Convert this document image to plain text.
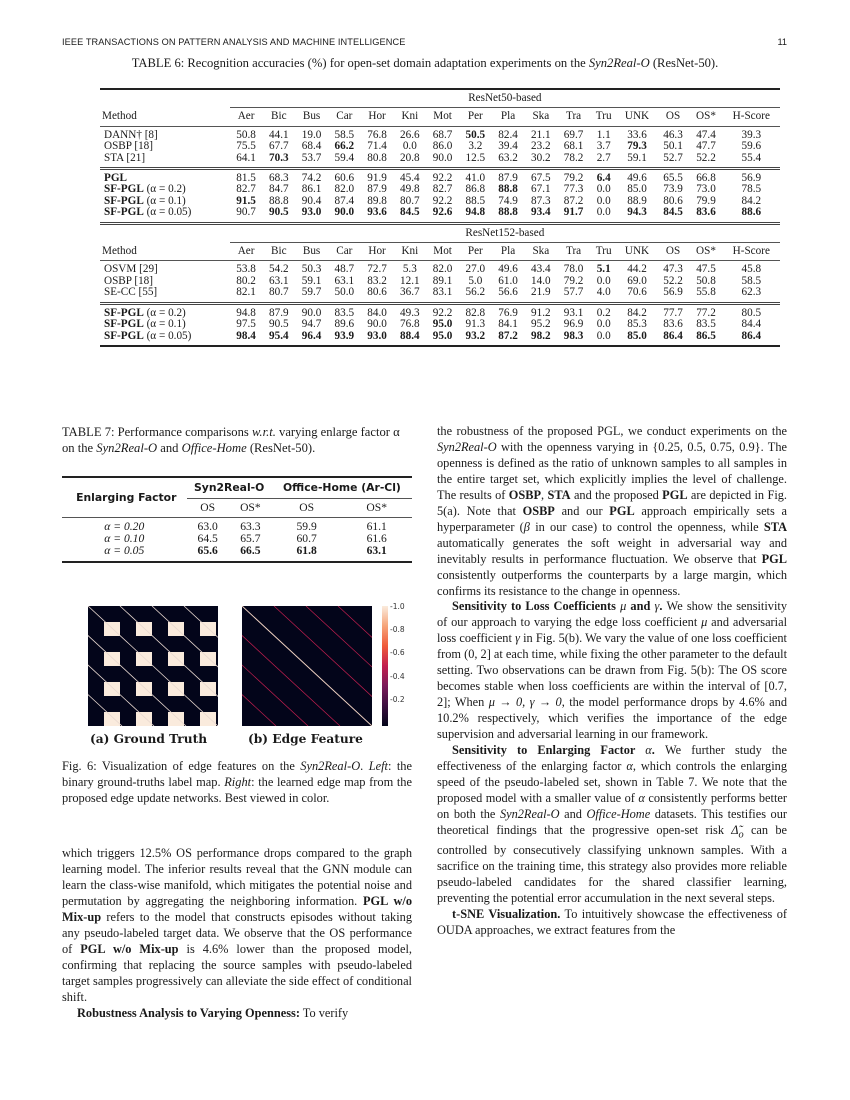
IEEE TRANSACTIONS ON PATTERN ANALYSIS AND MACHINE INTELLIGENCE	11
TABLE 6: Recognition accuracies (%) for open-set domain adaptation experiments on the Syn2Real-O (ResNet-50).
	ResNet50-based															
Method	Aer	Bic	Bus	Car	Hor	Kni	Mot	Per	Pla	Ska	Tra	Tru	UNK	OS	OS*	H-Score
DANN† [8]	50.8	44.1	19.0	58.5	76.8	26.6	68.7	50.5	82.4	21.1	69.7	1.1	33.6	46.3	47.4	39.3
OSBP [18]	75.5	67.7	68.4	66.2	71.4	0.0	86.0	3.2	39.4	23.2	68.1	3.7	79.3	50.1	47.7	59.6
STA [21]	64.1	70.3	53.7	59.4	80.8	20.8	90.0	12.5	63.2	30.2	78.2	2.7	59.1	52.7	52.2	55.4
PGL	81.5	68.3	74.2	60.6	91.9	45.4	92.2	41.0	87.9	67.5	79.2	6.4	49.6	65.5	66.8	56.9
SF-PGL (α = 0.2)	82.7	84.7	86.1	82.0	87.9	49.8	82.7	86.8	88.8	67.1	77.3	0.0	85.0	73.9	73.0	78.5
SF-PGL (α = 0.1)	91.5	88.8	90.4	87.4	89.8	80.7	92.2	88.5	74.9	87.3	87.2	0.0	88.9	80.6	79.9	84.2
SF-PGL (α = 0.05)	90.7	90.5	93.0	90.0	93.6	84.5	92.6	94.8	88.8	93.4	91.7	0.0	94.3	84.5	83.6	88.6
	ResNet152-based															
Method	Aer	Bic	Bus	Car	Hor	Kni	Mot	Per	Pla	Ska	Tra	Tru	UNK	OS	OS*	H-Score
OSVM [29]	53.8	54.2	50.3	48.7	72.7	5.3	82.0	27.0	49.6	43.4	78.0	5.1	44.2	47.3	47.5	45.8
OSBP [18]	80.2	63.1	59.1	63.1	83.2	12.1	89.1	5.0	61.0	14.0	79.2	0.0	69.0	52.2	50.8	58.5
SE-CC [55]	82.1	80.7	59.7	50.0	80.6	36.7	83.1	56.2	56.6	21.9	57.7	4.0	70.6	56.9	55.8	62.3
SF-PGL (α = 0.2)	94.8	87.9	90.0	83.5	84.0	49.3	92.2	82.8	76.9	91.2	93.1	0.2	84.2	77.7	77.2	80.5
SF-PGL (α = 0.1)	97.5	90.5	94.7	89.6	90.0	76.8	95.0	91.3	84.1	95.2	96.9	0.0	85.3	83.6	83.5	84.4
SF-PGL (α = 0.05)	98.4	95.4	96.4	93.9	93.0	88.4	95.0	93.2	87.2	98.2	98.3	0.0	85.0	86.4	86.5	86.4
TABLE 7: Performance comparisons w.r.t. varying enlarge factor α on the Syn2Real-O and Office-Home (ResNet-50).
Enlarging Factor	Syn2Real-O		Office-Home (Ar-Cl)	
	OS	OS*	OS	OS*
α = 0.20	63.0	63.3	59.9	61.1
α = 0.10	64.5	65.7	60.7	61.6
α = 0.05	65.6	66.5	61.8	63.1
-1.0
-0.8
-0.6
-0.4
-0.2
(a) Ground Truth	(b) Edge Feature
Fig. 6: Visualization of edge features on the Syn2Real-O. Left: the binary ground-truths label map. Right: the learned edge map from the proposed edge update networks. Best viewed in color.

which triggers 12.5% OS performance drops compared to the graph learning model. The inferior results reveal that the GNN module can learn the class-wise manifold, which mitigates the potential noise and permutation by aggregating the neighboring information. PGL w/o Mix-up refers to the model that constructs episodes without taking any pseudo-labeled target data. We observe that the OS performance of PGL w/o Mix-up is 4.6% lower than the proposed model, confirming that replacing the source samples with pseudo-labeled target samples progressively can alleviate the side effect of conditional shift.

Robustness Analysis to Varying Openness: To verify

the robustness of the proposed PGL, we conduct experiments on the Syn2Real-O with the openness varying in {0.25, 0.5, 0.75, 0.9}. The openness is defined as the ratio of unknown samples to all samples in the entire target set, which explicitly implies the level of challenge. The results of OSBP, STA and the proposed PGL are depicted in Fig. 5(a). Note that OSBP and our PGL approach empirically sets a hyperparameter (β in our case) to control the openness, while STA automatically generates the soft weight in adversarial way and inevitably results in performance fluctuation. We observe that PGL consistently outperforms the counterparts by a large margin, which confirms its resistance to the change in openness.

Sensitivity to Loss Coefficients μ and γ. We show the sensitivity of our approach to varying the edge loss coefficient μ and adversarial loss coefficient γ in Fig. 5(b). We vary the value of one loss coefficient from (0, 2] at each time, while fixing the other parameter to the default setting. Two observations can be drawn from Fig. 5(b): The OS score becomes stable when loss coefficients are within the interval of [0.7, 2]; When μ → 0, γ → 0, the model performance drops by 4.6% and 10.2% respectively, which verifies the importance of the edge supervision and adversarial learning in our framework.

Sensitivity to Enlarging Factor α. We further study the effectiveness of the enlarging factor α, which controls the enlarging speed of the pseudo-labeled set, shown in Table 7. We note that the proposed model with a smaller value of α consistently performs better on both the Syn2Real-O and Office-Home datasets. This testifies our theoretical findings that the progressive open-set risk $\Deltã_o$ can be controlled by consecutively classifying unknown samples. With a sacrifice on the training time, this strategy also provides more reliable pseudo-labeled candidates for the shared classifier learning, preventing the potential error accumulation in the next several steps.

t-SNE Visualization. To intuitively showcase the effectiveness of OUDA approaches, we extract features from the
